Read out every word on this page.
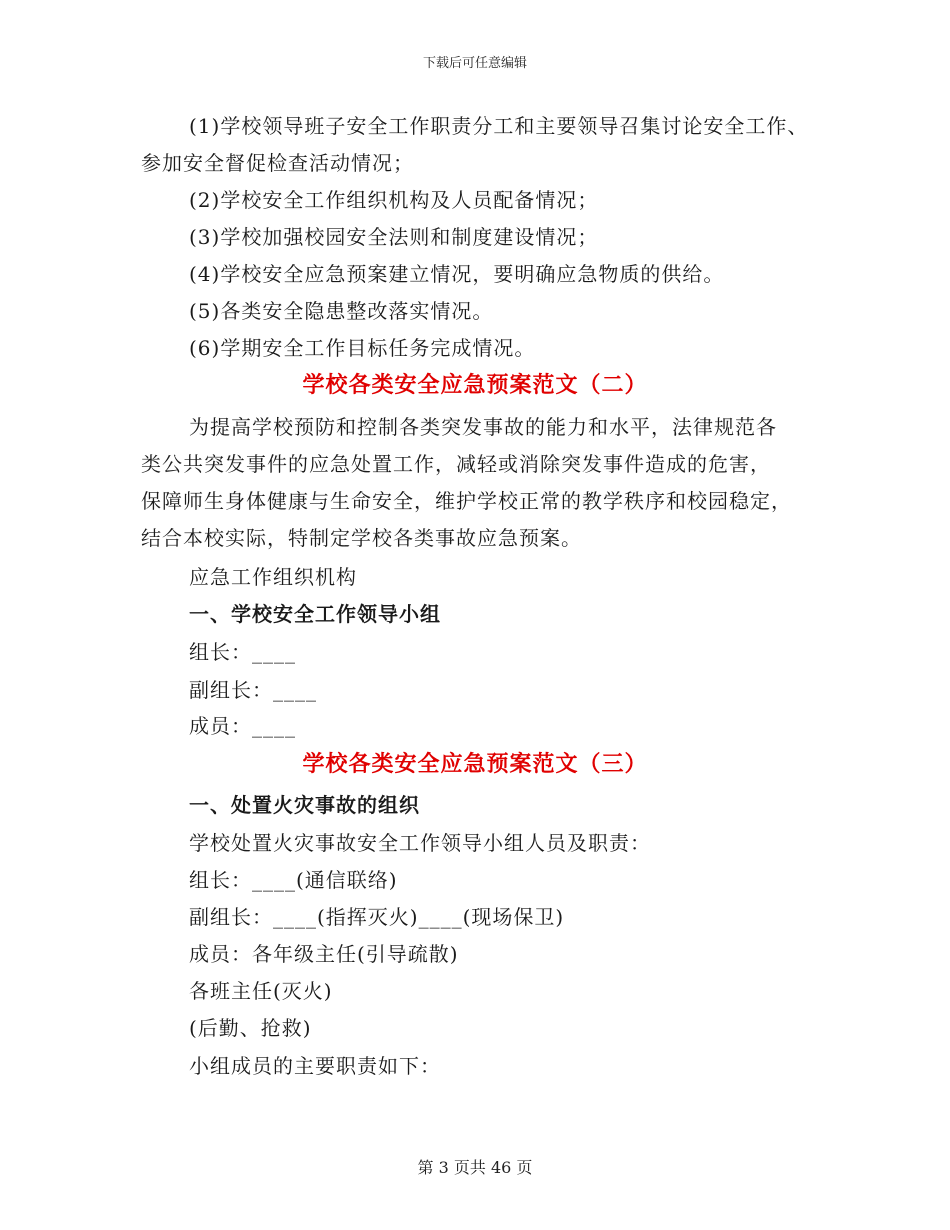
下载后可任意编辑
(1)学校领导班子安全工作职责分工和主要领导召集讨论安全工作、
参加安全督促检查活动情况；
(2)学校安全工作组织机构及人员配备情况；
(3)学校加强校园安全法则和制度建设情况；
(4)学校安全应急预案建立情况，要明确应急物质的供给。
(5)各类安全隐患整改落实情况。
(6)学期安全工作目标任务完成情况。
学校各类安全应急预案范文（二）
为提高学校预防和控制各类突发事故的能力和水平，法律规范各
类公共突发事件的应急处置工作，减轻或消除突发事件造成的危害，
保障师生身体健康与生命安全，维护学校正常的教学秩序和校园稳定，
结合本校实际，特制定学校各类事故应急预案。
应急工作组织机构
一、学校安全工作领导小组
组长：____
副组长：____
成员：____
学校各类安全应急预案范文（三）
一、处置火灾事故的组织
学校处置火灾事故安全工作领导小组人员及职责：
组长：____(通信联络)
副组长：____(指挥灭火)____(现场保卫)
成员：各年级主任(引导疏散)
各班主任(灭火)
(后勤、抢救)
小组成员的主要职责如下：
第 3 页共 46 页
